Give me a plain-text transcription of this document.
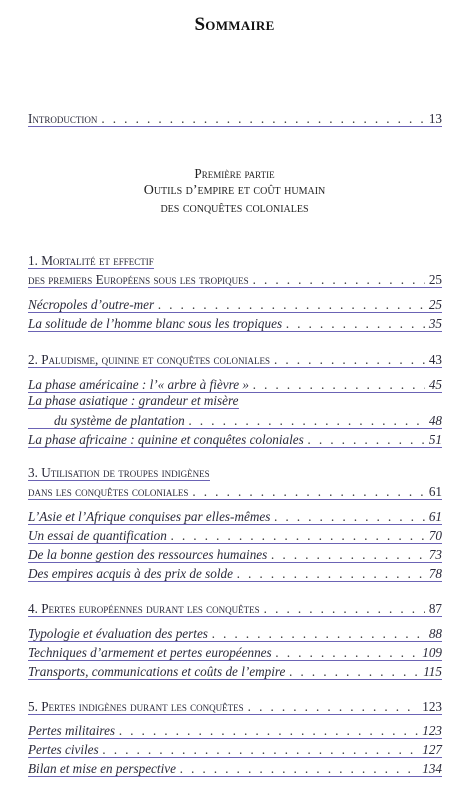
Sommaire
Introduction . . .	13
Première partie
Outils d’empire et coût humain
des conquêtes coloniales
1. Mortalité et effectif
des premiers Européens sous les tropiques . . .	25
Nécropoles d’outre-mer . . .	25
La solitude de l’homme blanc sous les tropiques . . .	35
2. Paludisme, quinine et conquêtes coloniales . . .	43
La phase américaine : l’« arbre à fièvre » . . .	45
La phase asiatique : grandeur et misère
du système de plantation . . .	48
La phase africaine : quinine et conquêtes coloniales . . .	51
3. Utilisation de troupes indigènes
dans les conquêtes coloniales . . .	61
L’Asie et l’Afrique conquises par elles-mêmes . . .	61
Un essai de quantification . . .	70
De la bonne gestion des ressources humaines . . .	73
Des empires acquis à des prix de solde . . .	78
4. Pertes européennes durant les conquêtes . . .	87
Typologie et évaluation des pertes . . .	88
Techniques d’armement et pertes européennes . . .	109
Transports, communications et coûts de l’empire . . .	115
5. Pertes indigènes durant les conquêtes . . .	123
Pertes militaires . . .	123
Pertes civiles . . .	127
Bilan et mise en perspective . . .	134
